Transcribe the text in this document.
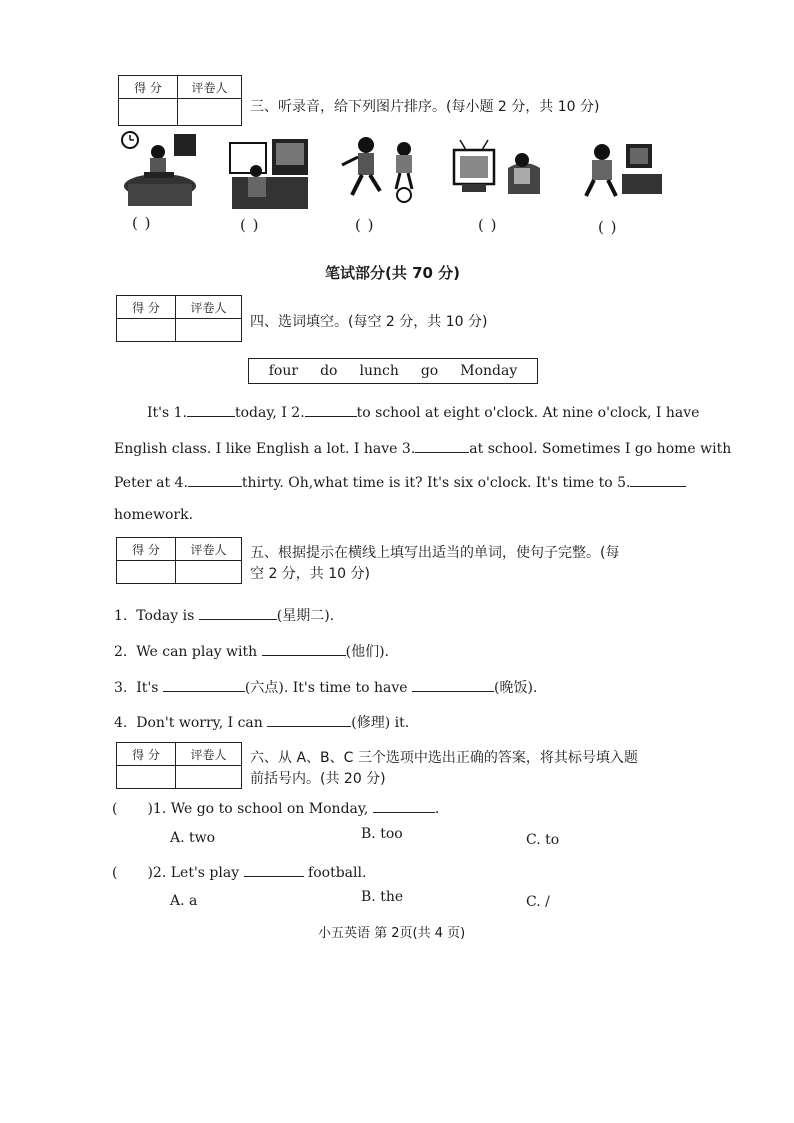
得 分	评卷人

三、听录音，给下列图片排序。(每小题 2 分，共 10 分)
( )	( )	( )	( )	( )
笔试部分(共 70 分)
得 分	评卷人

四、选词填空。(每空 2 分，共 10 分)
four do lunch go Monday
It's 1.	today, I 2.	to school at eight o'clock. At nine o'clock, I have
English class. I like English a lot. I have 3.	at school. Sometimes I go home with
Peter at 4.	thirty. Oh,what time is it? It's six o'clock. It's time to 5.
homework.
得 分	评卷人
	五、根据提示在横线上填写出适当的单词，使句子完整。(每
空 2 分，共 10 分)
1. Today is	(星期二).
2. We can play with	(他们).
3. It's	(六点). It's time to have	(晚饭).
4. Don't worry, I can	(修理) it.
得 分	评卷人
	六、从 A、B、C 三个选项中选出正确的答案，将其标号填入题
前括号内。(共 20 分)
( )1. We go to school on Monday,	.
A. two	B. too	C. to
( )2. Let's play	football.
A. a	B. the	C. /
小五英语 第 2页(共 4 页)
